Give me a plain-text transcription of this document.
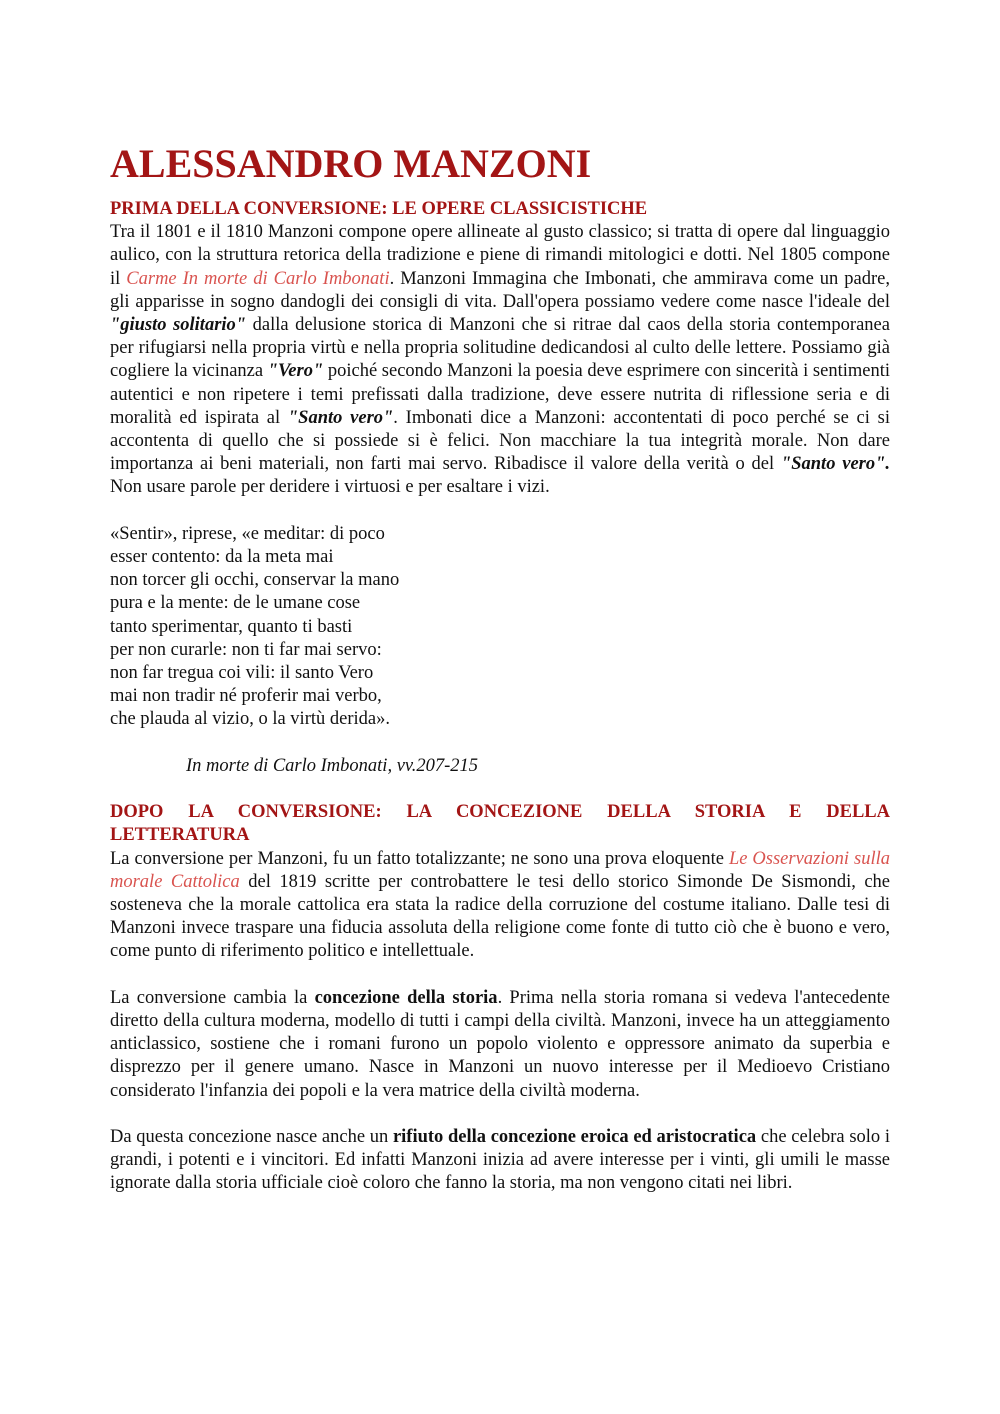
ALESSANDRO MANZONI
PRIMA DELLA CONVERSIONE: LE OPERE CLASSICISTICHE

Tra il 1801 e il 1810 Manzoni compone opere allineate al gusto classico; si tratta di opere dal linguaggio aulico, con la struttura retorica della tradizione e piene di rimandi mitologici e dotti. Nel 1805 compone il Carme In morte di Carlo Imbonati. Manzoni Immagina che Imbonati, che ammirava come un padre, gli apparisse in sogno dandogli dei consigli di vita. Dall'opera possiamo vedere come nasce l'ideale del "giusto solitario" dalla delusione storica di Manzoni che si ritrae dal caos della storia contemporanea per rifugiarsi nella propria virtù e nella propria solitudine dedicandosi al culto delle lettere. Possiamo già cogliere la vicinanza "Vero" poiché secondo Manzoni la poesia deve esprimere con sincerità i sentimenti autentici e non ripetere i temi prefissati dalla tradizione, deve essere nutrita di riflessione seria e di moralità ed ispirata al "Santo vero". Imbonati dice a Manzoni: accontentati di poco perché se ci si accontenta di quello che si possiede si è felici. Non macchiare la tua integrità morale. Non dare importanza ai beni materiali, non farti mai servo. Ribadisce il valore della verità o del "Santo vero". Non usare parole per deridere i virtuosi e per esaltare i vizi.

«Sentir», riprese, «e meditar: di poco
esser contento: da la meta mai
non torcer gli occhi, conservar la mano
pura e la mente: de le umane cose
tanto sperimentar, quanto ti basti
per non curarle: non ti far mai servo:
non far tregua coi vili: il santo Vero
mai non tradir né proferir mai verbo,
che plauda al vizio, o la virtù derida».

In morte di Carlo Imbonati, vv.207-215

DOPO LA CONVERSIONE: LA CONCEZIONE DELLA STORIA E DELLA
LETTERATURA

La conversione per Manzoni, fu un fatto totalizzante; ne sono una prova eloquente Le Osservazioni sulla morale Cattolica del 1819 scritte per controbattere le tesi dello storico Simonde De Sismondi, che sosteneva che la morale cattolica era stata la radice della corruzione del costume italiano. Dalle tesi di Manzoni invece traspare una fiducia assoluta della religione come fonte di tutto ciò che è buono e vero, come punto di riferimento politico e intellettuale.

La conversione cambia la concezione della storia. Prima nella storia romana si vedeva l'antecedente diretto della cultura moderna, modello di tutti i campi della civiltà. Manzoni, invece ha un atteggiamento anticlassico, sostiene che i romani furono un popolo violento e oppressore animato da superbia e disprezzo per il genere umano. Nasce in Manzoni un nuovo interesse per il Medioevo Cristiano considerato l'infanzia dei popoli e la vera matrice della civiltà moderna.

Da questa concezione nasce anche un rifiuto della concezione eroica ed aristocratica che celebra solo i grandi, i potenti e i vincitori. Ed infatti Manzoni inizia ad avere interesse per i vinti, gli umili le masse ignorate dalla storia ufficiale cioè coloro che fanno la storia, ma non vengono citati nei libri.
